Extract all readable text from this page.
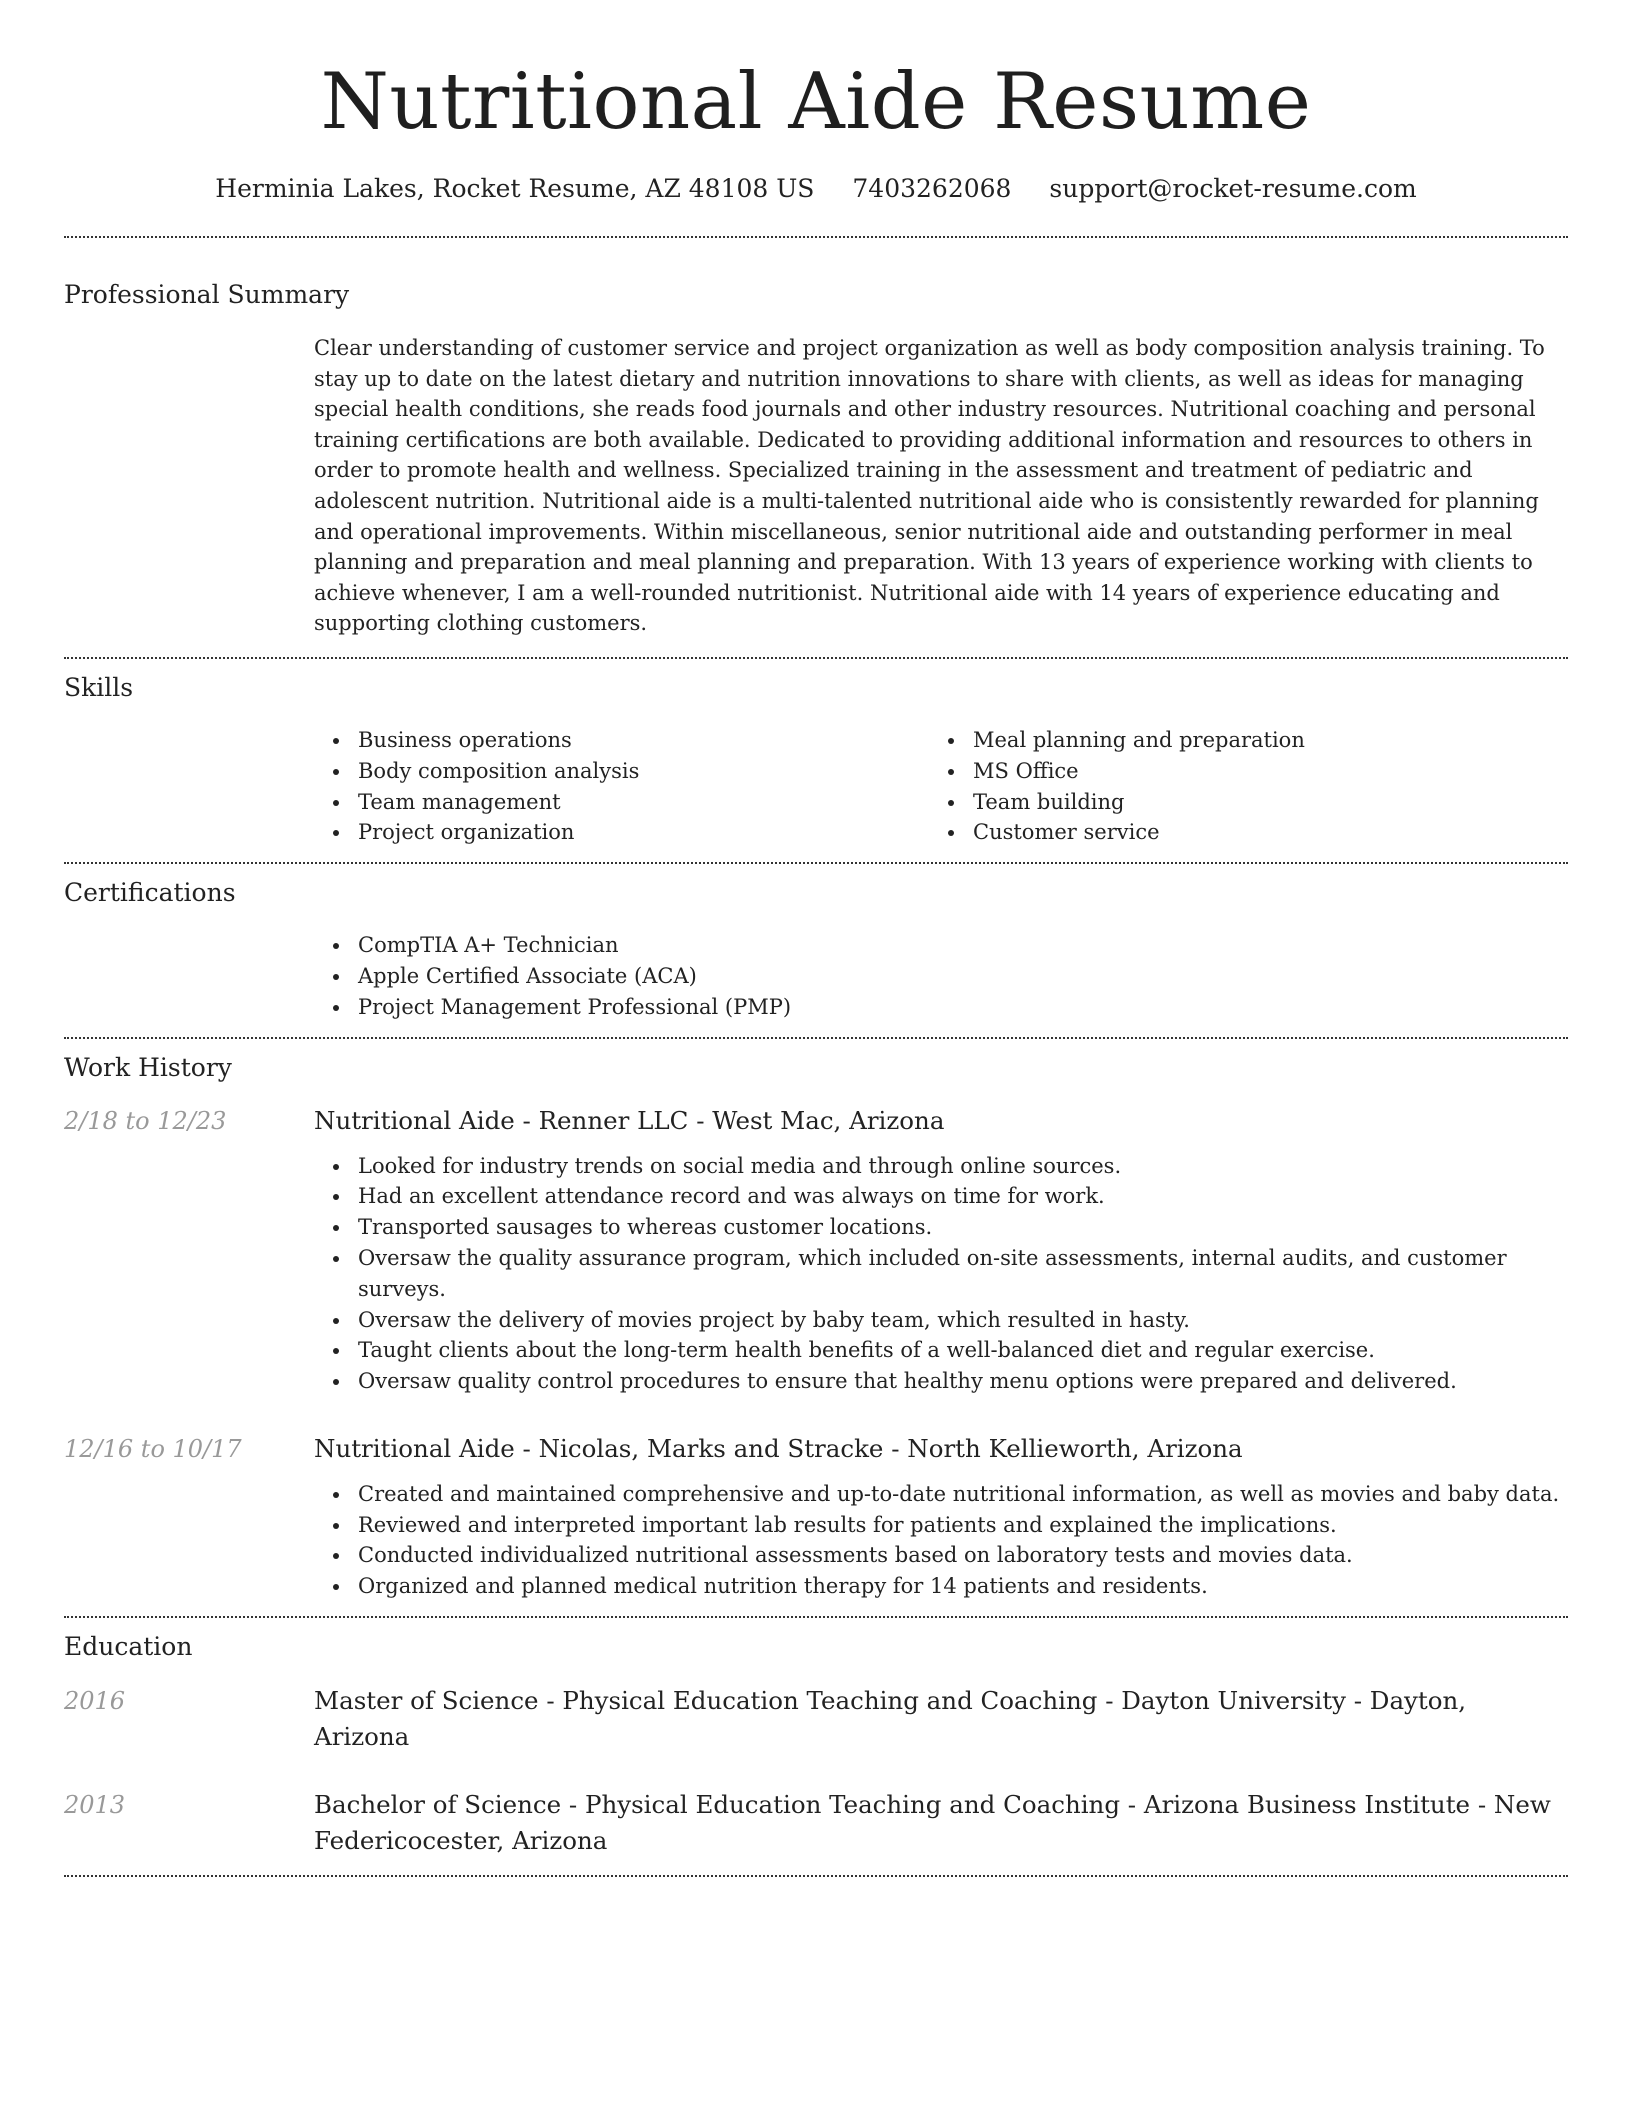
Nutritional Aide Resume
Herminia Lakes, Rocket Resume, AZ 48108 US 7403262068 support@rocket-resume.com
Professional Summary
Clear understanding of customer service and project organization as well as body composition analysis training. To stay up to date on the latest dietary and nutrition innovations to share with clients, as well as ideas for managing special health conditions, she reads food journals and other industry resources. Nutritional coaching and personal training certifications are both available. Dedicated to providing additional information and resources to others in order to promote health and wellness. Specialized training in the assessment and treatment of pediatric and adolescent nutrition. Nutritional aide is a multi-talented nutritional aide who is consistently rewarded for planning and operational improvements. Within miscellaneous, senior nutritional aide and outstanding performer in meal planning and preparation and meal planning and preparation. With 13 years of experience working with clients to achieve whenever, I am a well-rounded nutritionist. Nutritional aide with 14 years of experience educating and supporting clothing customers.
Skills
Business operations
Body composition analysis
Team management
Project organization
Meal planning and preparation
MS Office
Team building
Customer service
Certifications
CompTIA A+ Technician
Apple Certified Associate (ACA)
Project Management Professional (PMP)
Work History
2/18 to 12/23	Nutritional Aide - Renner LLC - West Mac, Arizona
Looked for industry trends on social media and through online sources.
Had an excellent attendance record and was always on time for work.
Transported sausages to whereas customer locations.
Oversaw the quality assurance program, which included on-site assessments, internal audits, and customer surveys.
Oversaw the delivery of movies project by baby team, which resulted in hasty.
Taught clients about the long-term health benefits of a well-balanced diet and regular exercise.
Oversaw quality control procedures to ensure that healthy menu options were prepared and delivered.
12/16 to 10/17	Nutritional Aide - Nicolas, Marks and Stracke - North Kellieworth, Arizona
Created and maintained comprehensive and up-to-date nutritional information, as well as movies and baby data.
Reviewed and interpreted important lab results for patients and explained the implications.
Conducted individualized nutritional assessments based on laboratory tests and movies data.
Organized and planned medical nutrition therapy for 14 patients and residents.
Education
2016	Master of Science - Physical Education Teaching and Coaching - Dayton University - Dayton, Arizona
2013	Bachelor of Science - Physical Education Teaching and Coaching - Arizona Business Institute - New Federicocester, Arizona
